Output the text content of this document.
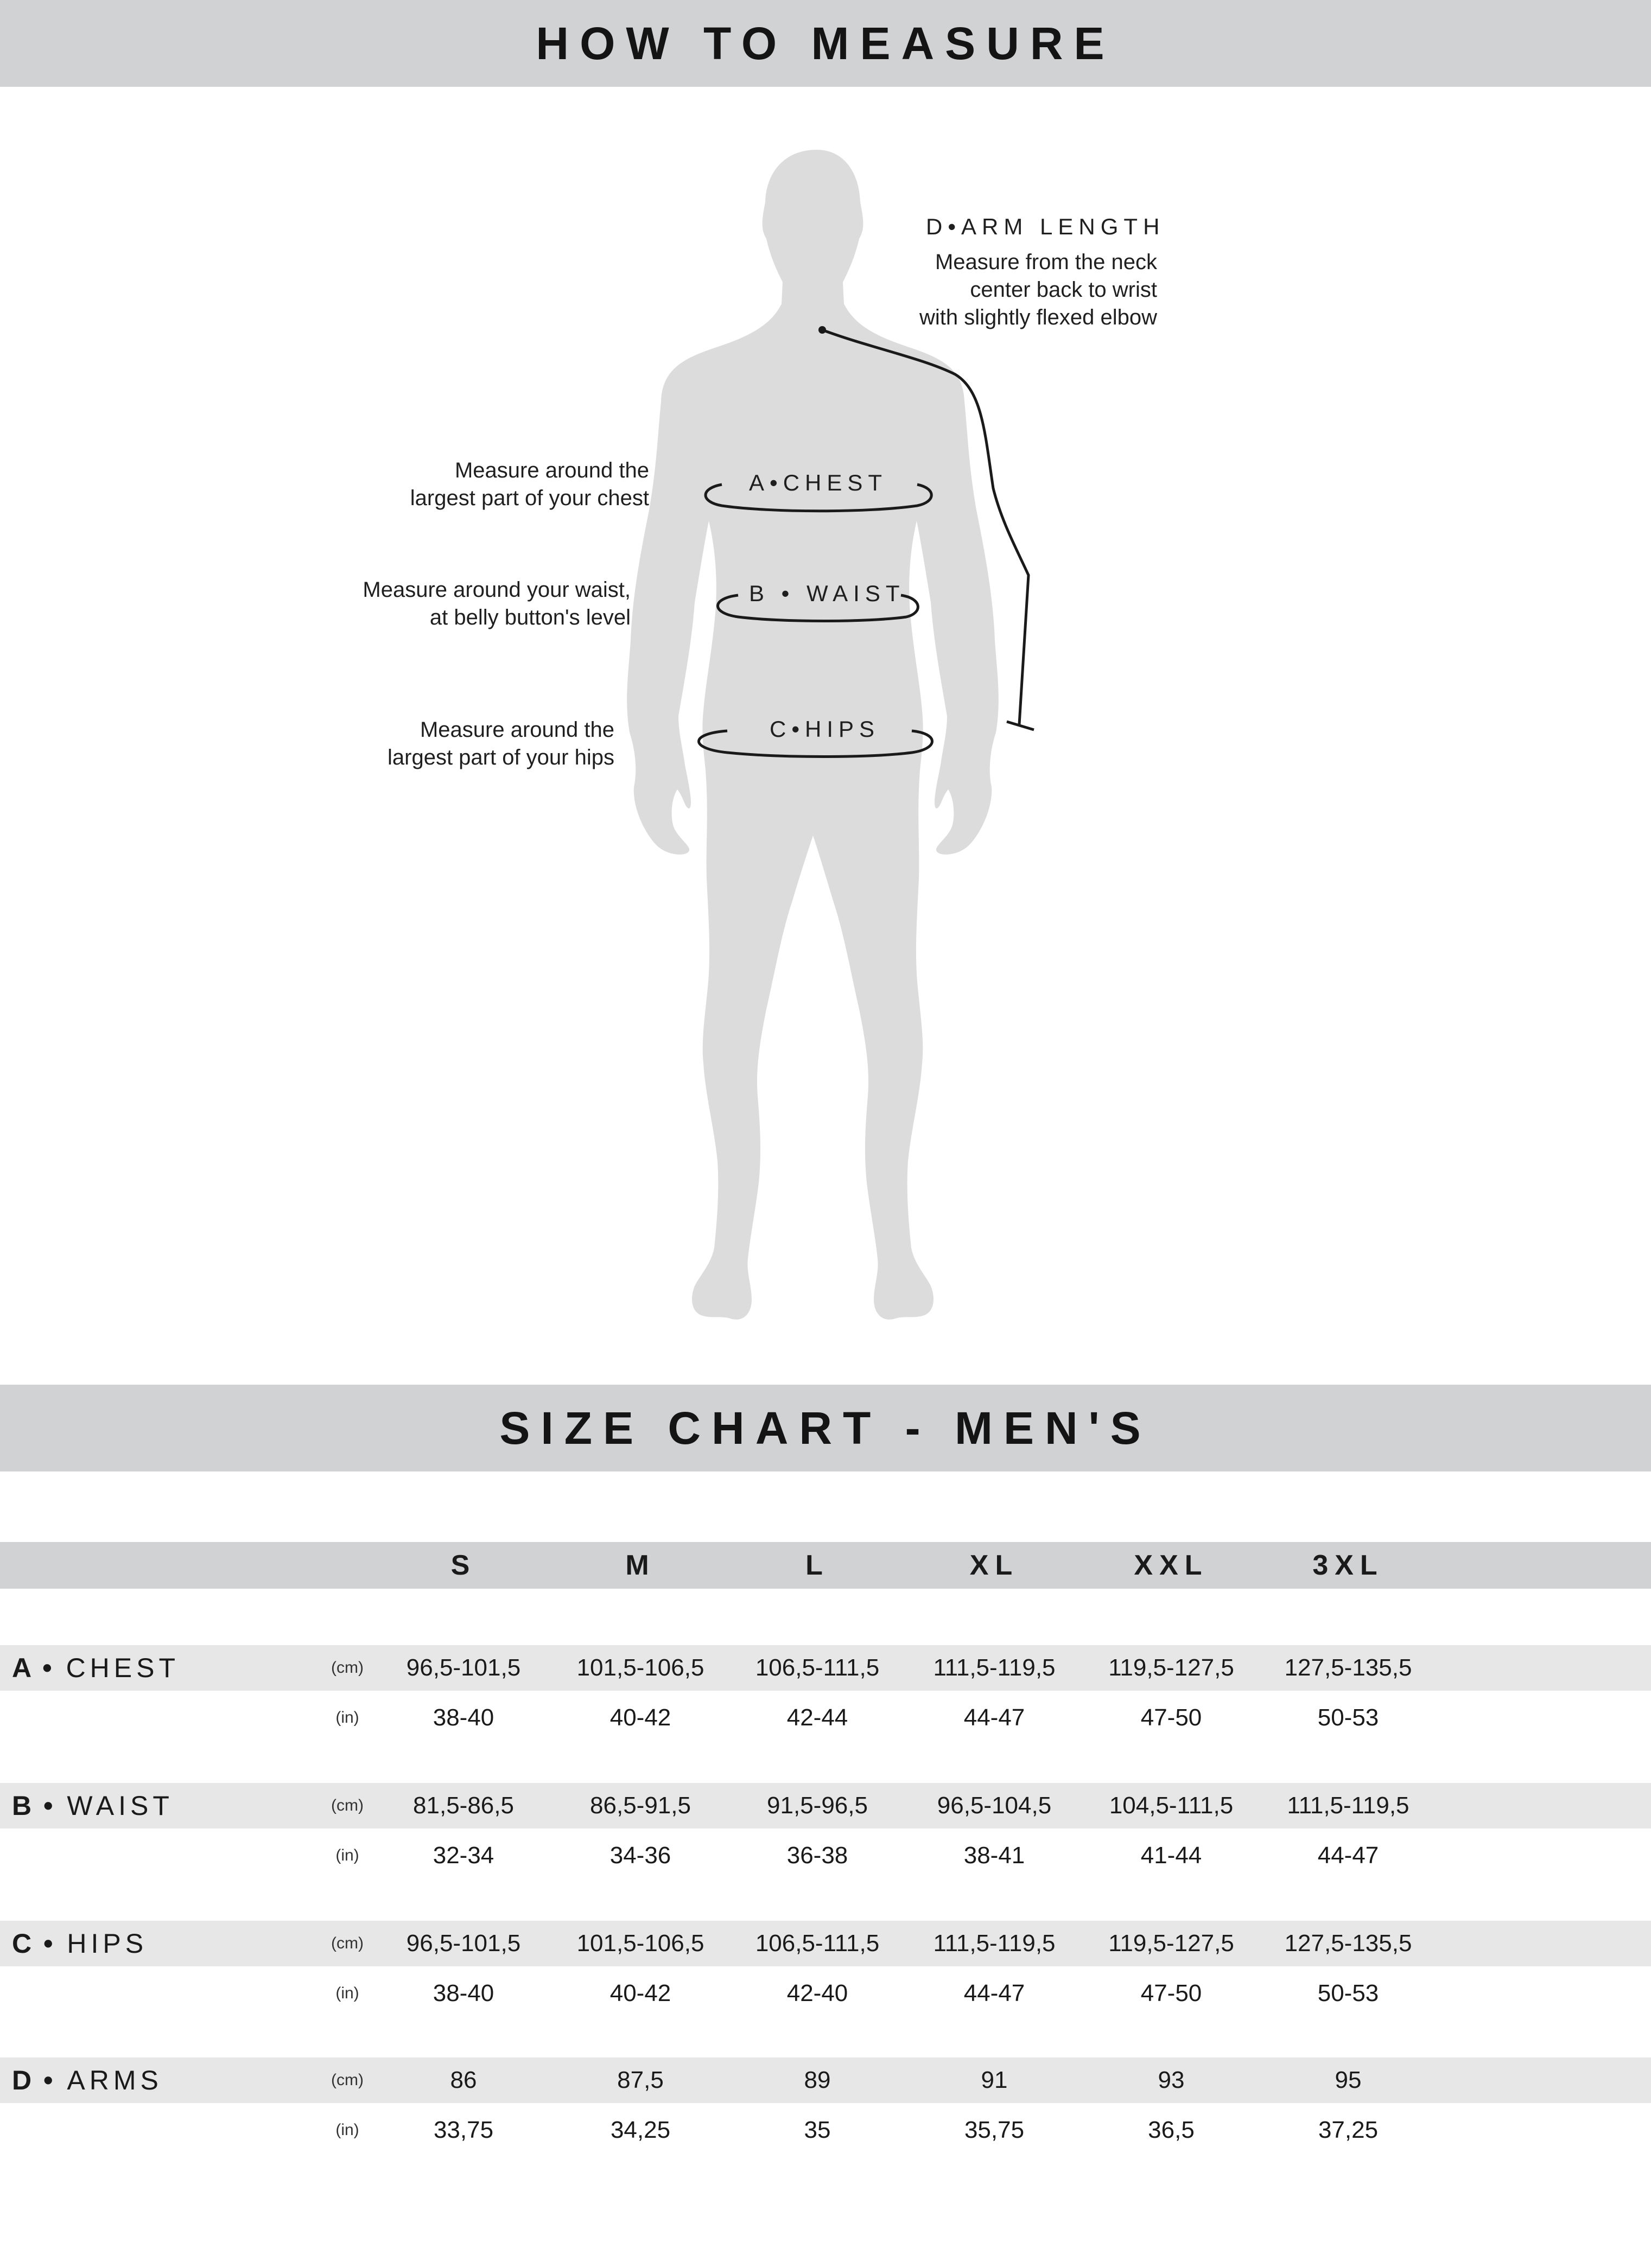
HOW TO MEASURE
A•CHEST
B • WAIST
C•HIPS
D•ARM LENGTH
Measure from the neck
center back to wrist
with slightly flexed elbow
Measure around the
largest part of your chest
Measure around your waist,
at belly button's level
Measure around the
largest part of your hips
SIZE CHART - MEN'S
S	M	L	XL	XXL	3XL
A •
CHEST	(cm)	96,5-101,5	101,5-106,5	106,5-111,5	111,5-119,5	119,5-127,5	127,5-135,5
(in)	38-40	40-42	42-44	44-47	47-50	50-53
B •
WAIST	(cm)	81,5-86,5	86,5-91,5	91,5-96,5	96,5-104,5	104,5-111,5	111,5-119,5
(in)	32-34	34-36	36-38	38-41	41-44	44-47
C •
HIPS	(cm)	96,5-101,5	101,5-106,5	106,5-111,5	111,5-119,5	119,5-127,5	127,5-135,5
(in)	38-40	40-42	42-40	44-47	47-50	50-53
D •
ARMS	(cm)	86	87,5	89	91	93	95
(in)	33,75	34,25	35	35,75	36,5	37,25
